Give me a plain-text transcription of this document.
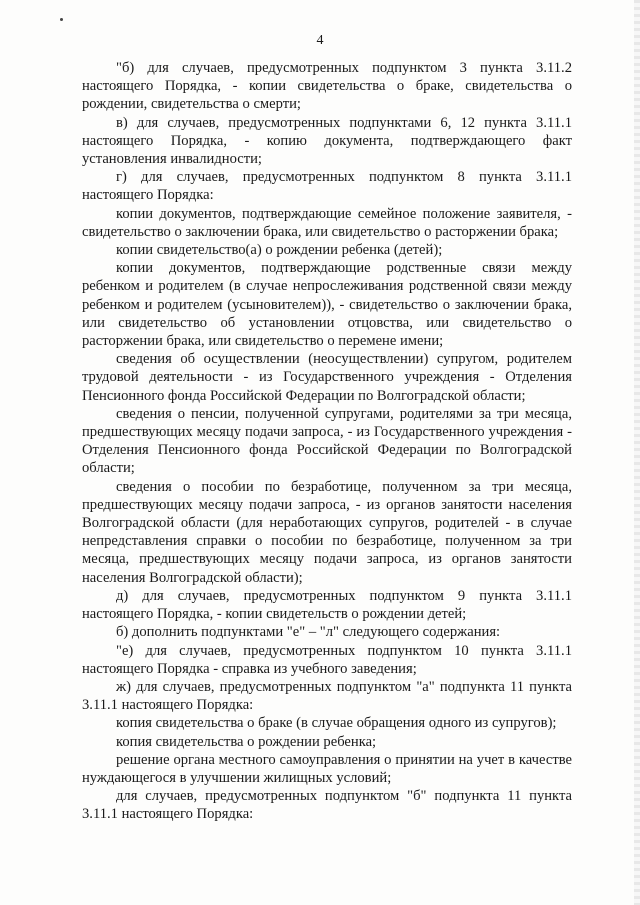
4

"б) для случаев, предусмотренных подпунктом 3 пункта 3.11.2 настоящего Порядка, - копии свидетельства о браке, свидетельства о рождении, свидетельства о смерти;

в) для случаев, предусмотренных подпунктами 6, 12 пункта 3.11.1 настоящего Порядка, - копию документа, подтверждающего факт установления инвалидности;

г) для случаев, предусмотренных подпунктом 8 пункта 3.11.1 настоящего Порядка:

копии документов, подтверждающие семейное положение заявителя, - свидетельство о заключении брака, или свидетельство о расторжении брака;

копии свидетельство(а) о рождении ребенка (детей);

копии документов, подтверждающие родственные связи между ребенком и родителем (в случае непрослеживания родственной связи между ребенком и родителем (усыновителем)), - свидетельство о заключении брака, или свидетельство об установлении отцовства, или свидетельство о расторжении брака, или свидетельство о перемене имени;

сведения об осуществлении (неосуществлении) супругом, родителем трудовой деятельности - из Государственного учреждения - Отделения Пенсионного фонда Российской Федерации по Волгоградской области;

сведения о пенсии, полученной супругами, родителями за три месяца, предшествующих месяцу подачи запроса, - из Государственного учреждения - Отделения Пенсионного фонда Российской Федерации по Волгоградской области;

сведения о пособии по безработице, полученном за три месяца, предшествующих месяцу подачи запроса, - из органов занятости населения Волгоградской области (для неработающих супругов, родителей - в случае непредставления справки о пособии по безработице, полученном за три месяца, предшествующих месяцу подачи запроса, из органов занятости населения Волгоградской области);

д) для случаев, предусмотренных подпунктом 9 пункта 3.11.1 настоящего Порядка, - копии свидетельств о рождении детей;

б) дополнить подпунктами "е" – "л" следующего содержания:

"е) для случаев, предусмотренных подпунктом 10 пункта 3.11.1 настоящего Порядка - справка из учебного заведения;

ж) для случаев, предусмотренных подпунктом "а" подпункта 11 пункта 3.11.1 настоящего Порядка:

копия свидетельства о браке (в случае обращения одного из супругов);

копия свидетельства о рождении ребенка;

решение органа местного самоуправления о принятии на учет в качестве нуждающегося в улучшении жилищных условий;

для случаев, предусмотренных подпунктом "б" подпункта 11 пункта 3.11.1 настоящего Порядка:
